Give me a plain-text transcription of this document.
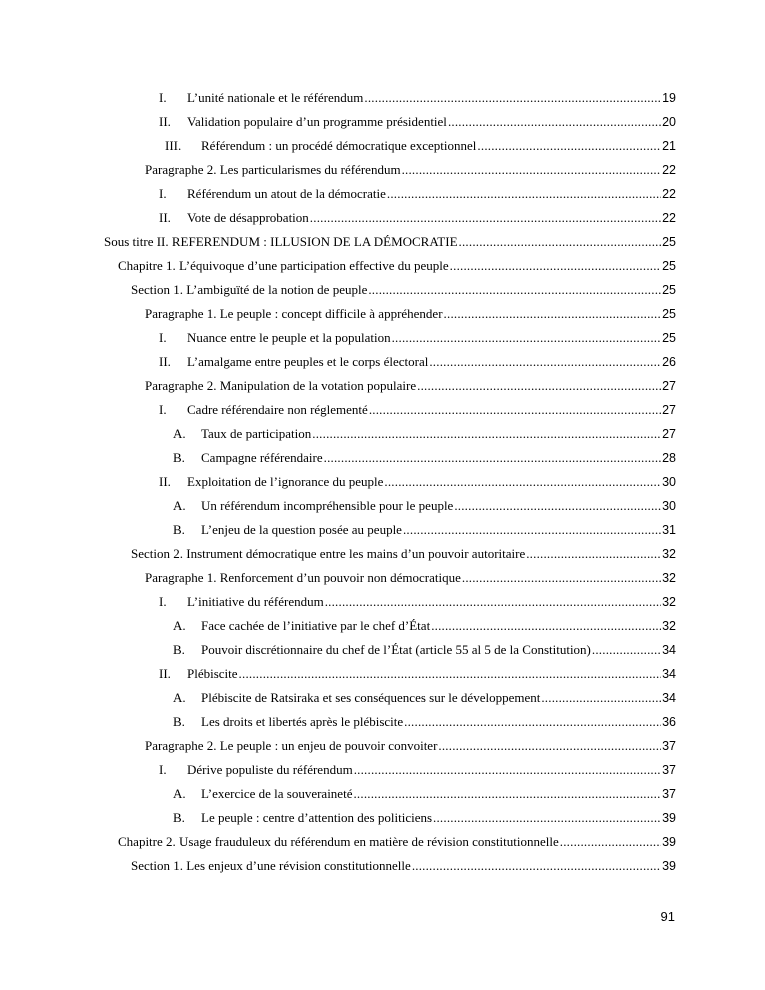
I.	L’unité nationale et le référendum .....	19
II.	Validation populaire d’un programme présidentiel .....	20
III.	Référendum : un procédé démocratique exceptionnel .....	21
Paragraphe 2. Les particularismes du référendum .....	22
I.	Référendum un atout de la démocratie .....	22
II.	Vote de désapprobation .....	22
Sous titre II. REFERENDUM : ILLUSION DE LA DÉMOCRATIE .....	25
Chapitre 1. L’équivoque d’une participation effective du peuple .....	25
Section 1. L’ambiguïté de la notion de peuple .....	25
Paragraphe 1. Le peuple : concept difficile à appréhender .....	25
I.	Nuance entre le peuple et la population .....	25
II.	L’amalgame entre peuples et le corps électoral .....	26
Paragraphe 2. Manipulation de la votation populaire .....	27
I.	Cadre référendaire non réglementé .....	27
A.	Taux de participation .....	27
B.	Campagne référendaire .....	28
II.	Exploitation de l’ignorance du peuple .....	30
A.	Un référendum incompréhensible pour le peuple .....	30
B.	L’enjeu de la question posée au peuple .....	31
Section 2. Instrument démocratique entre les mains d’un pouvoir autoritaire .....	32
Paragraphe 1. Renforcement d’un pouvoir non démocratique .....	32
I.	L’initiative du référendum .....	32
A.	Face cachée de l’initiative par le chef d’État .....	32
B.	Pouvoir discrétionnaire du chef de l’État (article 55 al 5 de la Constitution) .....	34
II.	Plébiscite .....	34
A.	Plébiscite de Ratsiraka et ses conséquences sur le développement .....	34
B.	Les droits et libertés après le plébiscite .....	36
Paragraphe 2. Le peuple : un enjeu de pouvoir convoiter .....	37
I.	Dérive populiste du référendum .....	37
A.	L’exercice de la souveraineté .....	37
B.	Le peuple : centre d’attention des politiciens .....	39
Chapitre 2. Usage frauduleux du référendum en matière de révision constitutionnelle .....	39
Section 1. Les enjeux d’une révision constitutionnelle .....	39
91
